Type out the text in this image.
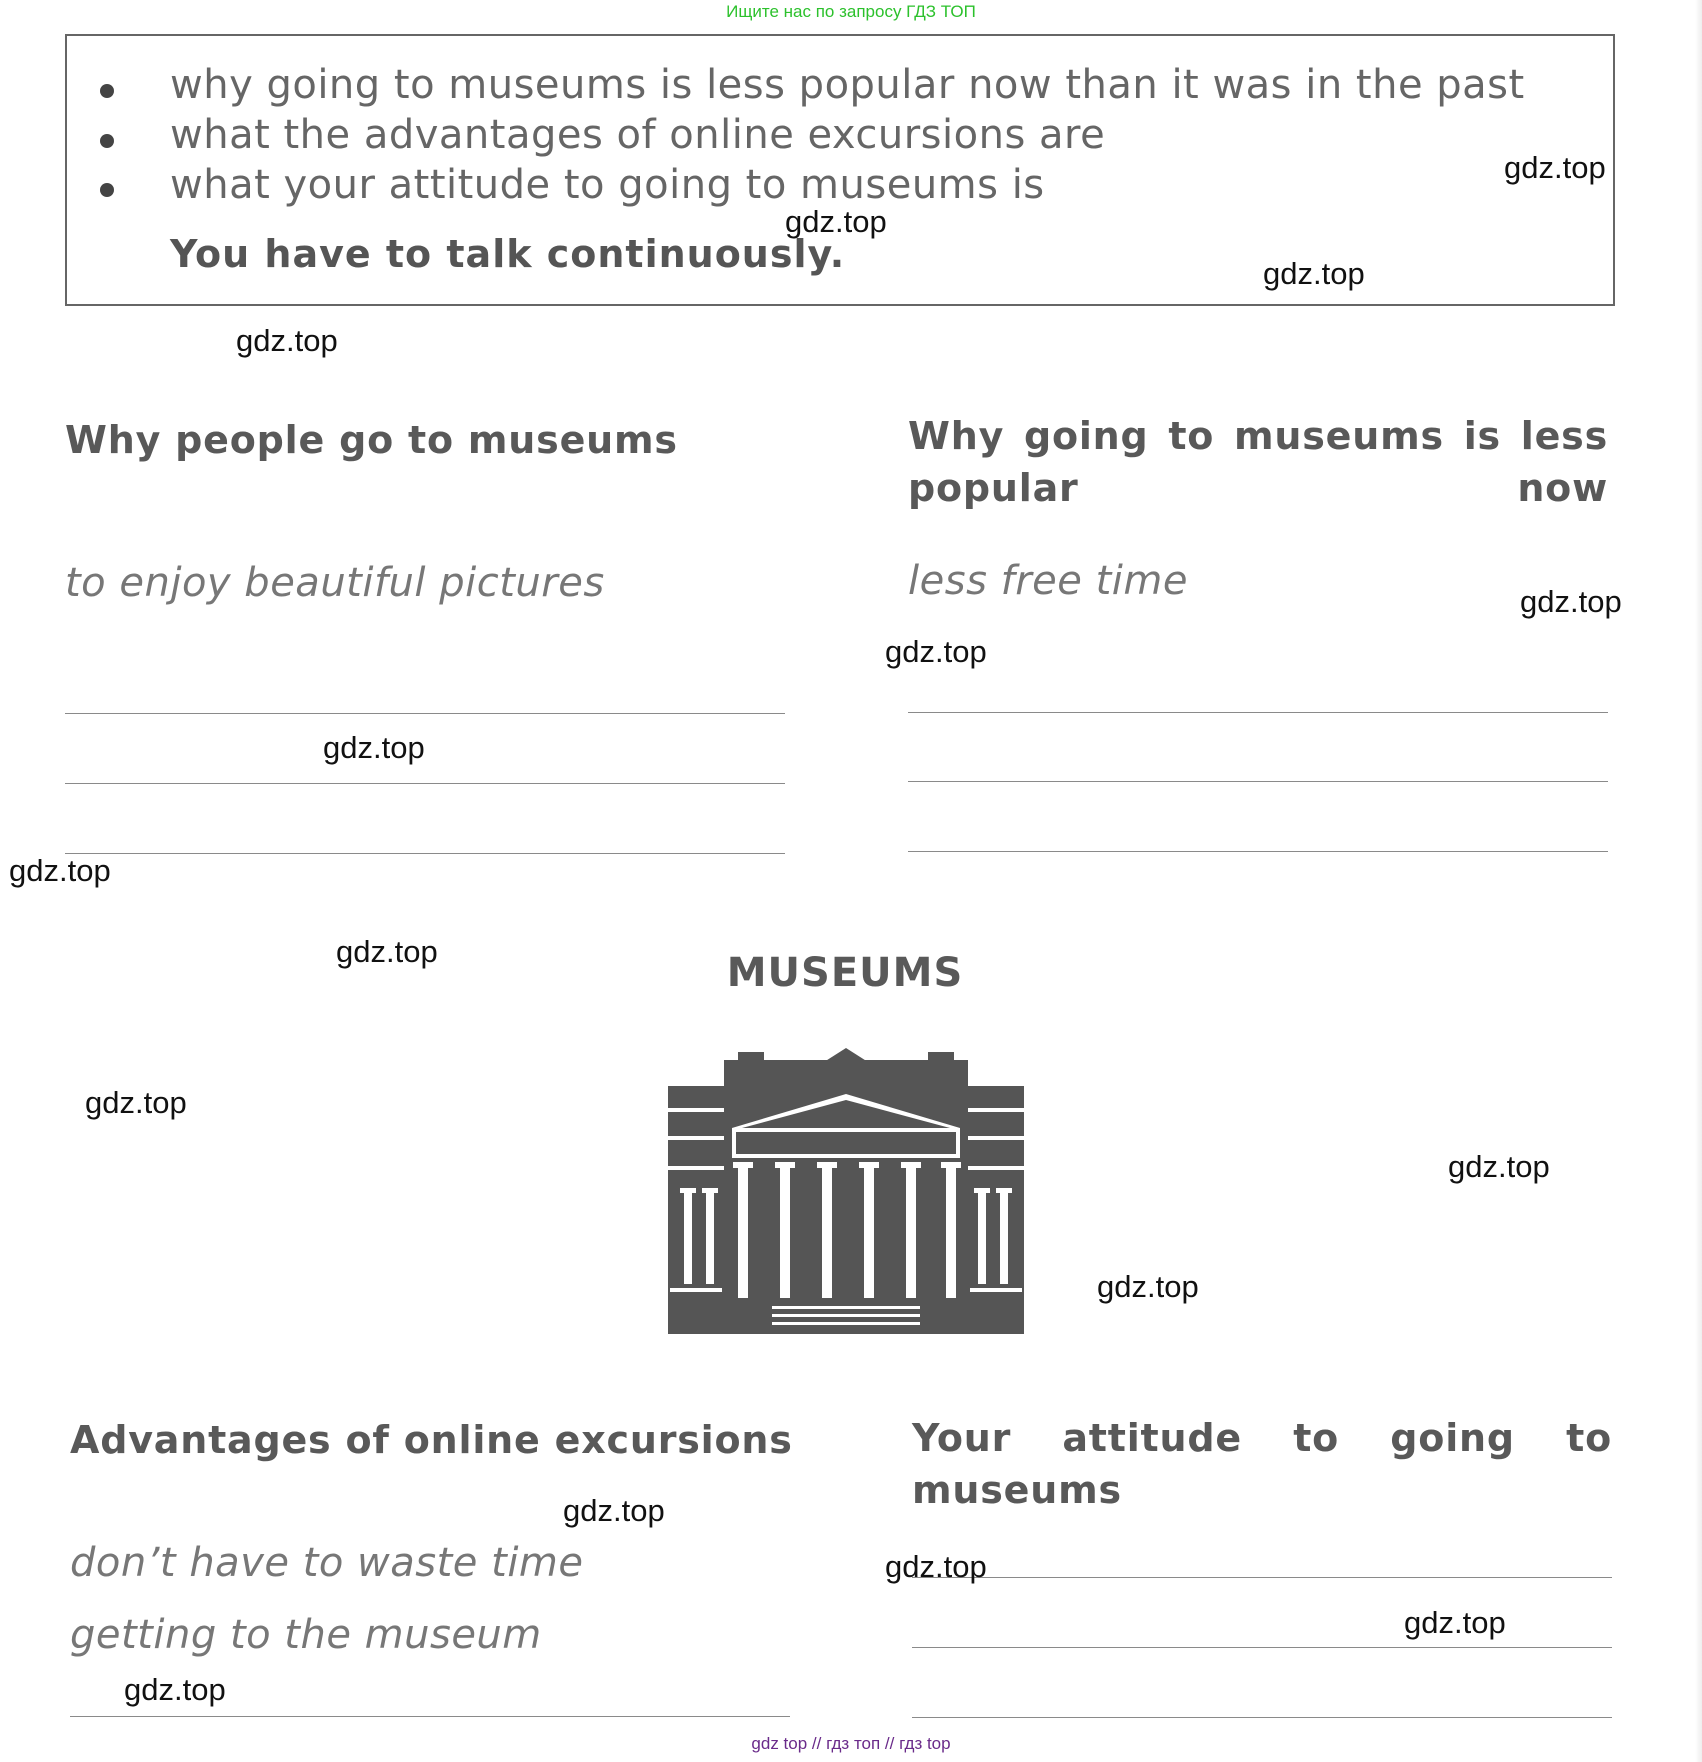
Ищите нас по запросу ГДЗ ТОП
why going to museums is less popular now than it was in the past
what the advantages of online excursions are
what your attitude to going to museums is
You have to talk continuously.
Why people go to museums
to enjoy beautiful pictures
Why going to museums is less popular now
less free time
MUSEUMS
Advantages of online excursions
don’t have to waste time
getting to the museum
Your attitude to going to museums
gdz.top
gdz.top
gdz.top
gdz.top
gdz.top
gdz.top
gdz.top
gdz.top
gdz.top
gdz.top
gdz.top
gdz.top
gdz.top
gdz.top
gdz.top
gdz.top
gdz top // гдз топ // гдз top
